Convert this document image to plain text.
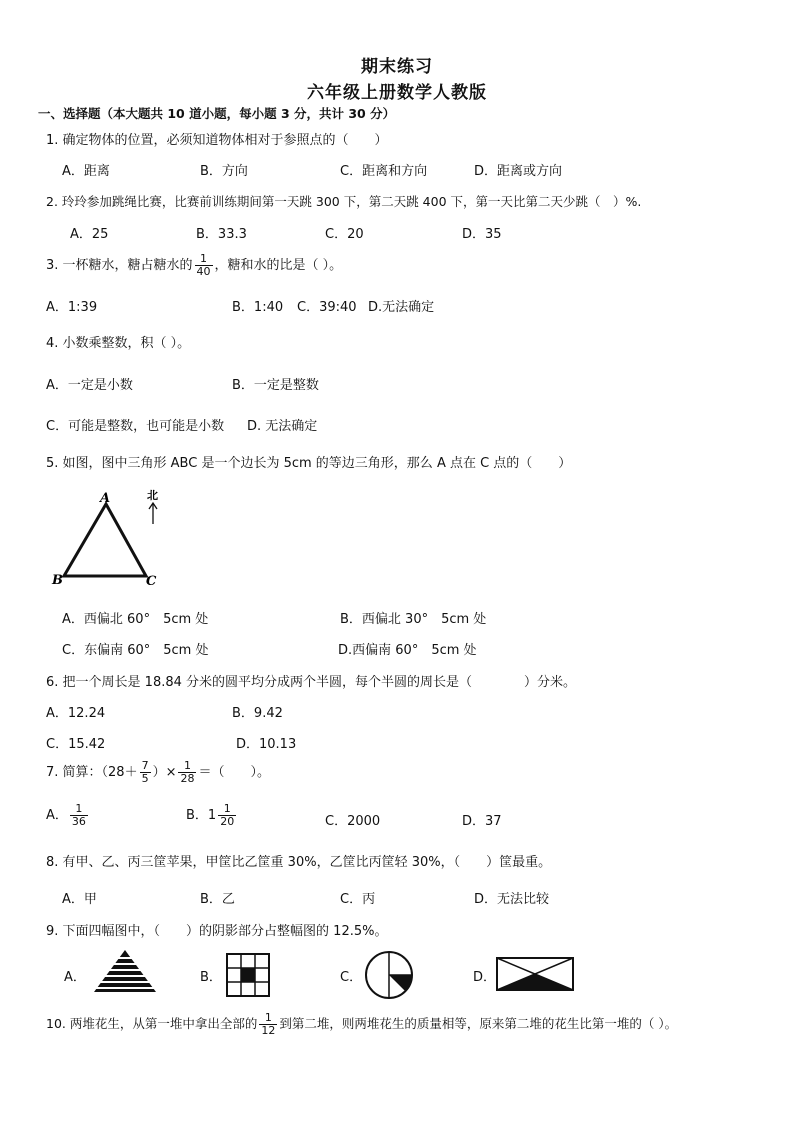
期末练习
六年级上册数学人教版
一、选择题（本大题共 10 道小题，每小题 3 分，共计 30 分）
1. 确定物体的位置，必须知道物体相对于参照点的（　　）
A．距离	B．方向	C．距离和方向	D．距离或方向
2. 玲玲参加跳绳比赛，比赛前训练期间第一天跳 300 下，第二天跳 400 下，第一天比第二天少跳（　）%.
A．25	B．33.3	C．20	D．35
3. 一杯糖水，糖占糖水的 $\frac{1}{40}$ ，糖和水的比是（ ）。
A．1:39	B．1:40 C．39:40 D.无法确定
4. 小数乘整数，积（ ）。
A．一定是小数	B．一定是整数
C．可能是整数，也可能是小数 D. 无法确定
5. 如图，图中三角形 ABC 是一个边长为 5cm 的等边三角形，那么 A 点在 C 点的（　　）
A
B	C
北
A．西偏北 60°　5cm 处	B．西偏北 30°　5cm 处
C．东偏南 60°　5cm 处	D.西偏南 60°　5cm 处
6. 把一个周长是 18.84 分米的圆平均分成两个半圆，每个半圆的周长是（　　　　）分米。
A．12.24	B．9.42
C．15.42	D．10.13
7. 简算：（$28+ \frac{7}{5}$ ）× $\frac{1}{28}$ ＝（　　）。
A． $\frac{1}{36}$	B．$1 \frac{1}{20}$	C．2000	D．37
8. 有甲、乙、丙三筐苹果，甲筐比乙筐重 30%，乙筐比丙筐轻 30%，（　　）筐最重。
A．甲	B．乙	C．丙	D．无法比较
9. 下面四幅图中，（　　）的阴影部分占整幅图的 12.5%。
A．	B．	C．	D．
10. 两堆花生，从第一堆中拿出全部的 $\frac{1}{12}$ 到第二堆，则两堆花生的质量相等，原来第二堆的花生比第一堆的（ ）。
